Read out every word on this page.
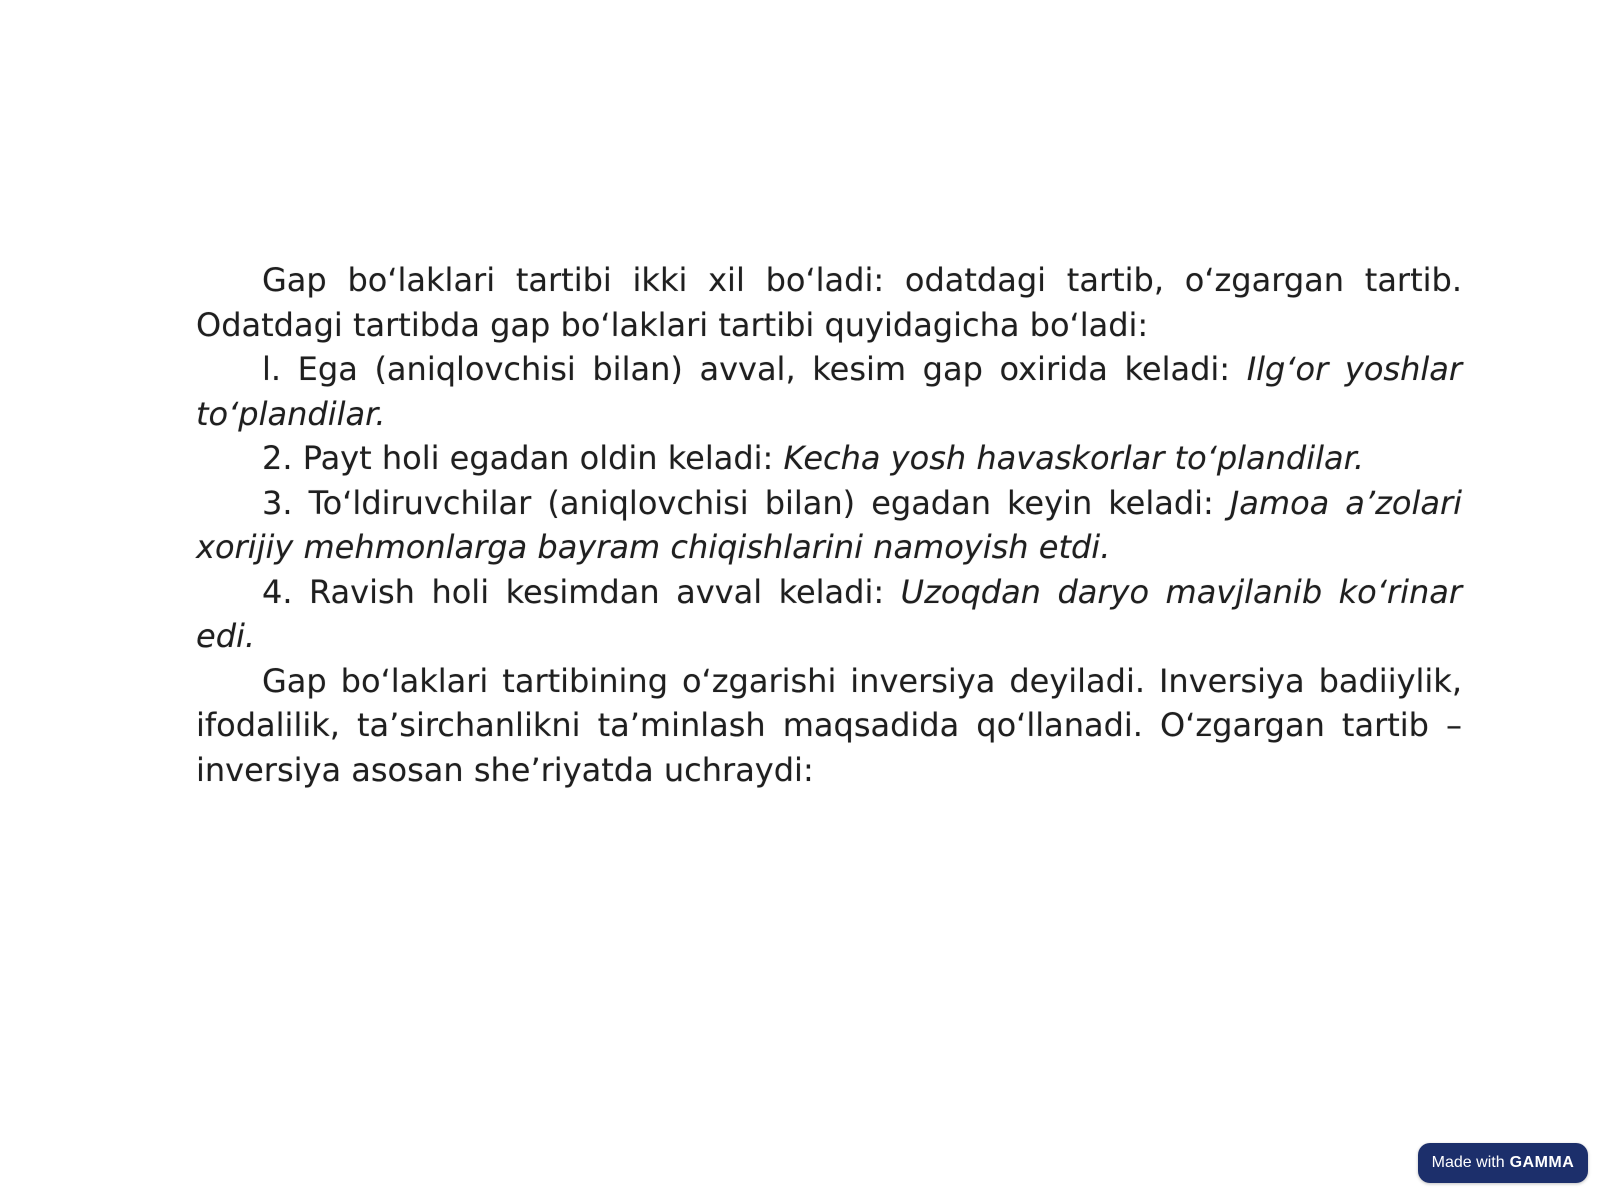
Gap boʻlaklari tartibi ikki xil boʻladi: odatdagi tartib, oʻzgargan tartib. Odatdagi tartibda gap boʻlaklari tartibi quyidagicha boʻladi:

l. Ega (aniqlovchisi bilan) avval, kesim gap oxirida keladi: Ilgʻor yoshlar toʻplandilar.

2. Payt holi egadan oldin keladi: Kecha yosh havaskorlar toʻplandilar.

3. Toʻldiruvchilar (aniqlovchisi bilan) egadan keyin keladi: Jamoa a’zolari xorijiy mehmonlarga bayram chiqishlarini namoyish etdi.

4. Ravish holi kesimdan avval keladi: Uzoqdan daryo mavjlanib koʻrinar edi.

Gap boʻlaklari tartibining oʻzgarishi inversiya deyiladi. Inversiya badiiylik, ifodalilik, ta’sirchanlikni ta’minlash maqsadida qoʻllanadi. Oʻzgargan tartib – inversiya asosan she’riyatda uchraydi:

Made with GAMMA
